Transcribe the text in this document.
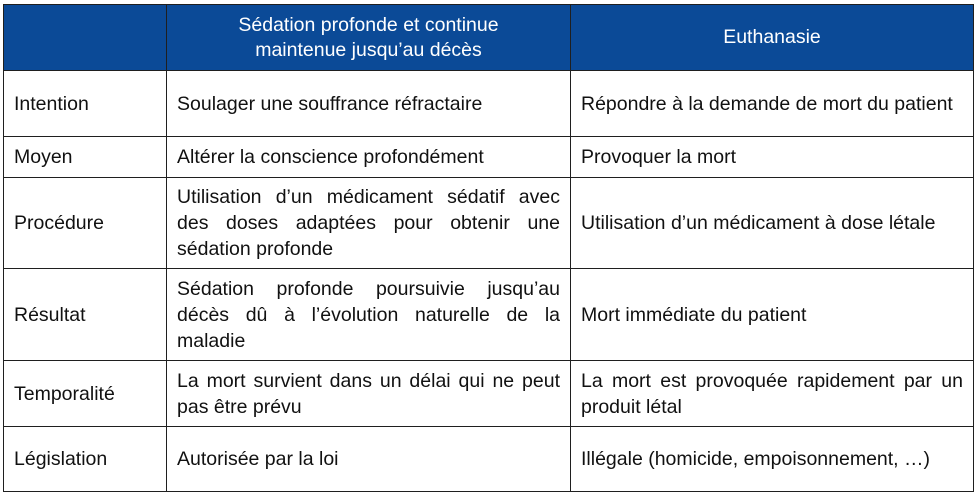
	Sédation profonde et continue
maintenue jusqu’au décès	Euthanasie
Intention	Soulager une souffrance réfractaire	Répondre à la demande de mort du patient
Moyen	Altérer la conscience profondément	Provoquer la mort
Procédure	Utilisation d’un médicament sédatif avec des doses adaptées pour obtenir une sédation profonde	Utilisation d’un médicament à dose létale
Résultat	Sédation profonde poursuivie jusqu’au décès dû à l’évolution naturelle de la maladie	Mort immédiate du patient
Temporalité	La mort survient dans un délai qui ne peut pas être prévu	La mort est provoquée rapidement par un produit létal
Législation	Autorisée par la loi	Illégale (homicide, empoisonnement, …)
